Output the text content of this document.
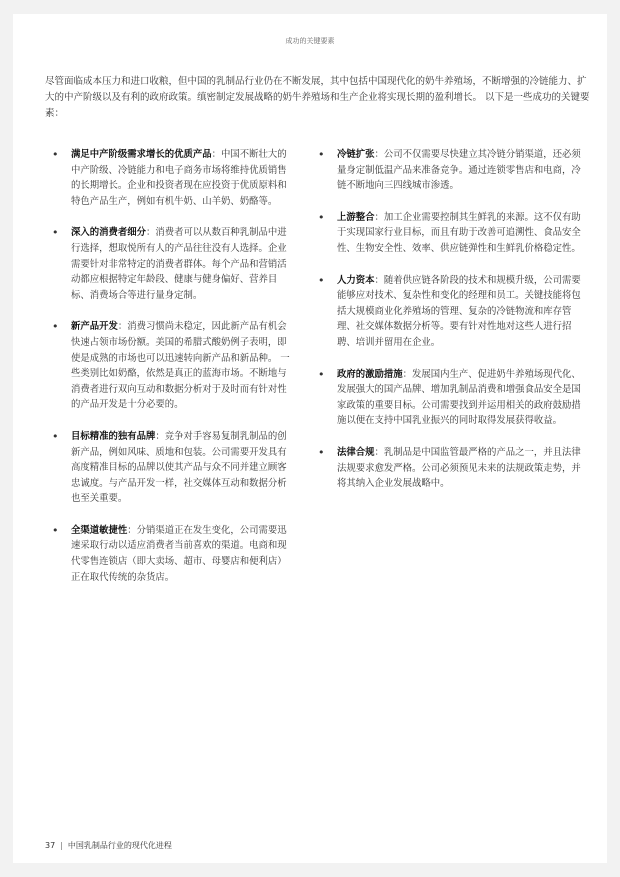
成功的关键要素
尽管面临成本压力和进口收粮，但中国的乳制品行业仍在不断发展，其中包括中国现代化的奶牛养殖场，不断增强的冷链能力、扩大的中产阶级以及有利的政府政策。缜密制定发展战略的奶牛养殖场和生产企业将实现长期的盈利增长。 以下是一些成功的关键要素：
• 满足中产阶级需求增长的优质产品：中国不断壮大的中产阶级、冷链能力和电子商务市场将维持优质销售的长期增长。企业和投资者现在应投资于优质原料和特色产品生产，例如有机牛奶、山羊奶、奶酪等。
• 深入的消费者细分：消费者可以从数百种乳制品中进行选择，想取悦所有人的产品往往没有人选择。企业需要针对非常特定的消费者群体。每个产品和营销活动都应根据特定年龄段、健康与健身偏好、营养目标、消费场合等进行量身定制。
• 新产品开发：消费习惯尚未稳定，因此新产品有机会快速占领市场份额。美国的希腊式酸奶例子表明，即使是成熟的市场也可以迅速转向新产品和新品种。 一些类别比如奶酪，依然是真正的蓝海市场。不断地与消费者进行双向互动和数据分析对于及时而有针对性的产品开发是十分必要的。
• 目标精准的独有品牌：竞争对手容易复制乳制品的创新产品，例如风味、质地和包装。公司需要开发具有高度精准目标的品牌以使其产品与众不同并建立顾客忠诚度。与产品开发一样，社交媒体互动和数据分析也至关重要。
• 全渠道敏捷性：分销渠道正在发生变化，公司需要迅速采取行动以适应消费者当前喜欢的渠道。电商和现代零售连锁店（即大卖场、超市、母婴店和便利店）正在取代传统的杂货店。
• 冷链扩张：公司不仅需要尽快建立其冷链分销渠道，还必须量身定制低温产品来准备竞争。通过连锁零售店和电商，冷链不断地向三四线城市渗透。
• 上游整合：加工企业需要控制其生鲜乳的来源。这不仅有助于实现国家行业目标，而且有助于改善可追溯性、食品安全性、生物安全性、效率、供应链弹性和生鲜乳价格稳定性。
• 人力资本：随着供应链各阶段的技术和规模升级，公司需要能够应对技术、复杂性和变化的经理和员工。关键技能将包括大规模商业化养殖场的管理、复杂的冷链物流和库存管理、社交媒体数据分析等。要有针对性地对这些人进行招聘、培训并留用在企业。
• 政府的激励措施：发展国内生产、促进奶牛养殖场现代化、发展强大的国产品牌、增加乳制品消费和增强食品安全是国家政策的重要目标。公司需要找到并运用相关的政府鼓励措施以便在支持中国乳业振兴的同时取得发展获得收益。
• 法律合规：乳制品是中国监管最严格的产品之一，并且法律法规要求愈发严格。公司必须预见未来的法规政策走势，并将其纳入企业发展战略中。
37 | 中国乳制品行业的现代化进程
